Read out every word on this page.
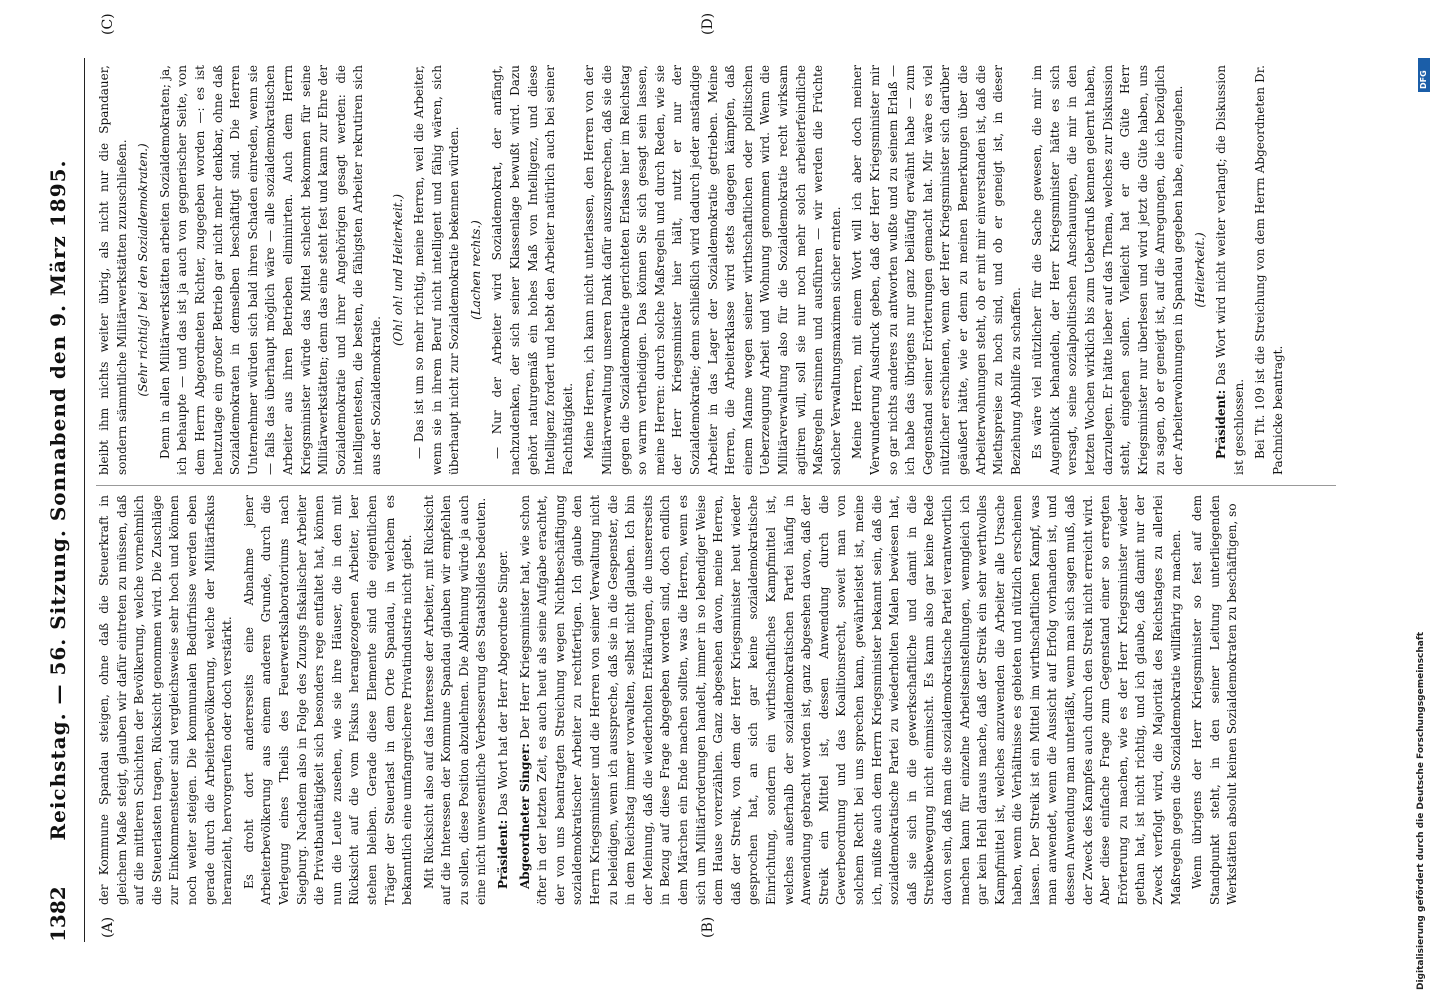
1382
Reichstag. — 56. Sitzung. Sonnabend den 9. März 1895.
(A)	(B)
(C)	(D)

der Kommune Spandau steigen, ohne daß die Steuerkraft in gleichem Maße steigt, glauben wir dafür eintreten zu müssen, daß auf die mittleren Schichten der Bevölkerung, welche vornehmlich die Steuerlasten tragen, Rücksicht genommen wird. Die Zuschläge zur Einkommensteuer sind vergleichsweise sehr hoch und können noch weiter steigen. Die kommunalen Bedürfnisse werden eben gerade durch die Arbeiterbevölkerung, welche der Militärfiskus heranzieht, hervorgerufen oder doch verstärkt. Es droht dort andererseits eine Abnahme jener Arbeiterbevölkerung aus einem anderen Grunde, durch die Verlegung eines Theils des Feuerwerkslaboratoriums nach Siegburg. Nachdem also in Folge des Zuzugs fiskalischer Arbeiter die Privatbauthätigkeit sich besonders rege entfaltet hat, können nun die Leute zusehen, wie sie ihre Häuser, die in den mit Rücksicht auf die vom Fiskus herangezogenen Arbeiter, leer stehen bleiben. Gerade diese Elemente sind die eigentlichen Träger der Steuerlast in dem Orte Spandau, in welchem es bekanntlich eine umfangreichere Privatindustrie nicht giebt. Mit Rücksicht also auf das Interesse der Arbeiter, mit Rücksicht auf die Interessen der Kommune Spandau glauben wir empfehlen zu sollen, diese Position abzulehnen. Die Ablehnung würde ja auch eine nicht unwesentliche Verbesserung des Staatsbildes bedeuten. Präsident: Das Wort hat der Herr Abgeordnete Singer.

Abgeordneter Singer: Der Herr Kriegsminister hat, wie schon öfter in der letzten Zeit, es auch heut als seine Aufgabe erachtet, der von uns beantragten Streichung wegen Nichtbeschäftigung sozialdemokratischer Arbeiter zu rechtfertigen. Ich glaube den Herrn Kriegsminister und die Herren von seiner Verwaltung nicht zu beleidigen, wenn ich ausspreche, daß sie in die Gespenster, die in dem Reichstag immer vorwalten, selbst nicht glauben. Ich bin der Meinung, daß die wiederholten Erklärungen, die unsererseits in Bezug auf diese Frage abgegeben worden sind, doch endlich dem Märchen ein Ende machen sollten, was die Herren, wenn es sich um Militärforderungen handelt, immer in so lebendiger Weise dem Hause vorerzählen. Ganz abgesehen davon, meine Herren, daß der Streik, von dem der Herr Kriegsminister heut wieder gesprochen hat, an sich gar keine sozialdemokratische Einrichtung, sondern ein wirthschaftliches Kampfmittel ist, welches außerhalb der sozialdemokratischen Partei häufig in Anwendung gebracht worden ist, ganz abgesehen davon, daß der Streik ein Mittel ist, dessen Anwendung durch die Gewerbeordnung und das Koalitionsrecht, soweit man von solchem Recht bei uns sprechen kann, gewährleistet ist, meine ich, müßte auch dem Herrn Kriegsminister bekannt sein, daß die sozialdemokratische Partei zu wiederholten Malen bewiesen hat, daß sie sich in die gewerkschaftliche und damit in die Streikbewegung nicht einmischt. Es kann also gar keine Rede davon sein, daß man die sozialdemokratische Partei verantwortlich machen kann für einzelne Arbeitseinstellungen, wenngleich ich gar kein Hehl daraus mache, daß der Streik ein sehr werthvolles Kampfmittel ist, welches anzuwenden die Arbeiter alle Ursache haben, wenn die Verhältnisse es gebieten und nützlich erscheinen lassen. Der Streik ist ein Mittel im wirthschaftlichen Kampf, was man anwendet, wenn die Aussicht auf Erfolg vorhanden ist, und dessen Anwendung man unterläßt, wenn man sich sagen muß, daß der Zweck des Kampfes auch durch den Streik nicht erreicht wird. Aber diese einfache Frage zum Gegenstand einer so erregten Erörterung zu machen, wie es der Herr Kriegsminister wieder gethan hat, ist nicht richtig, und ich glaube, daß damit nur der Zweck verfolgt wird, die Majorität des Reichstages zu allerlei Maßregeln gegen die Sozialdemokratie willfährig zu machen. Wenn übrigens der Herr Kriegsminister so fest auf dem Standpunkt steht, in den seiner Leitung unterliegenden Werkstätten absolut keinen Sozialdemokraten zu beschäftigen, so

bleibt ihm nichts weiter übrig, als nicht nur die Spandauer, sondern sämmtliche Militärwerkstätten zuzuschließen. (Sehr richtig! bei den Sozialdemokraten.) Denn in allen Militärwerkstätten arbeiten Sozialdemokraten; ja, ich behaupte — und das ist ja auch von gegnerischer Seite, von dem Herrn Abgeordneten Richter, zugegeben worden —: es ist heutzutage ein großer Betrieb gar nicht mehr denkbar, ohne daß Sozialdemokraten in demselben beschäftigt sind. Die Herren Unternehmer würden sich bald ihren Schaden einreden, wenn sie — falls das überhaupt möglich wäre — alle sozialdemokratischen Arbeiter aus ihren Betrieben eliminirten. Auch dem Herrn Kriegsminister würde das Mittel schlecht bekommen für seine Militärwerkstätten; denn das eine steht fest und kann zur Ehre der Sozialdemokratie und ihrer Angehörigen gesagt werden: die intelligentesten, die besten, die fähigsten Arbeiter rekrutiren sich aus der Sozialdemokratie.

(Oh! oh! und Heiterkeit.) — Das ist um so mehr richtig, meine Herren, weil die Arbeiter, wenn sie in ihrem Beruf nicht intelligent und fähig wären, sich überhaupt nicht zur Sozialdemokratie bekennen würden. (Lachen rechts.) — Nur der Arbeiter wird Sozialdemokrat, der anfängt, nachzudenken, der sich seiner Klassenlage bewußt wird. Dazu gehört naturgemäß ein hohes Maß von Intelligenz, und diese Intelligenz fordert und hebt den Arbeiter natürlich auch bei seiner Fachthätigkeit. Meine Herren, ich kann nicht unterlassen, den Herren von der Militärverwaltung unseren Dank dafür auszusprechen, daß sie die gegen die Sozialdemokratie gerichteten Erlasse hier im Reichstag so warm vertheidigen. Das können Sie sich gesagt sein lassen, meine Herren: durch solche Maßregeln und durch Reden, wie sie der Herr Kriegsminister hier hält, nutzt er nur der Sozialdemokratie; denn schließlich wird dadurch jeder anständige Arbeiter in das Lager der Sozialdemokratie getrieben. Meine Herren, die Arbeiterklasse wird stets dagegen kämpfen, daß einem Manne wegen seiner wirthschaftlichen oder politischen Ueberzeugung Arbeit und Wohnung genommen wird. Wenn die Militärverwaltung also für die Sozialdemokratie recht wirksam agitiren will, soll sie nur noch mehr solch arbeiterfeindliche Maßregeln ersinnen und ausführen — wir werden die Früchte solcher Verwaltungsmaximen sicher ernten. Meine Herren, mit einem Wort will ich aber doch meiner Verwunderung Ausdruck geben, daß der Herr Kriegsminister mir so gar nichts anderes zu antworten wußte und zu seinem Erlaß — ich habe das übrigens nur ganz beiläufig erwähnt habe — zum Gegenstand seiner Erörterungen gemacht hat. Mir wäre es viel nützlicher erschienen, wenn der Herr Kriegsminister sich darüber geäußert hätte, wie er denn zu meinen Bemerkungen über die Arbeiterwohnungen steht, ob er mit mir einverstanden ist, daß die Miethspreise zu hoch sind, und ob er geneigt ist, in dieser Beziehung Abhilfe zu schaffen. Es wäre viel nützlicher für die Sache gewesen, die mir im Augenblick behandeln, der Herr Kriegsminister hätte es sich versagt, seine sozialpolitischen Anschauungen, die mir in den letzten Wochen wirklich bis zum Ueberdruß kennen gelernt haben, darzulegen. Er hätte lieber auf das Thema, welches zur Diskussion steht, eingehen sollen. Vielleicht hat er die Güte Herr Kriegsminister nur überlesen und wird jetzt die Güte haben, uns zu sagen, ob er geneigt ist, auf die Anregungen, die ich bezüglich der Arbeiterwohnungen in Spandau gegeben habe, einzugehen. (Heiterkeit.)

Präsident: Das Wort wird nicht weiter verlangt; die Diskussion ist geschlossen. Bei Tit. 109 ist die Streichung von dem Herrn Abgeordneten Dr. Pachnicke beantragt.

Digitalisierung gefördert durch die Deutsche Forschungsgemeinschaft
DFG
